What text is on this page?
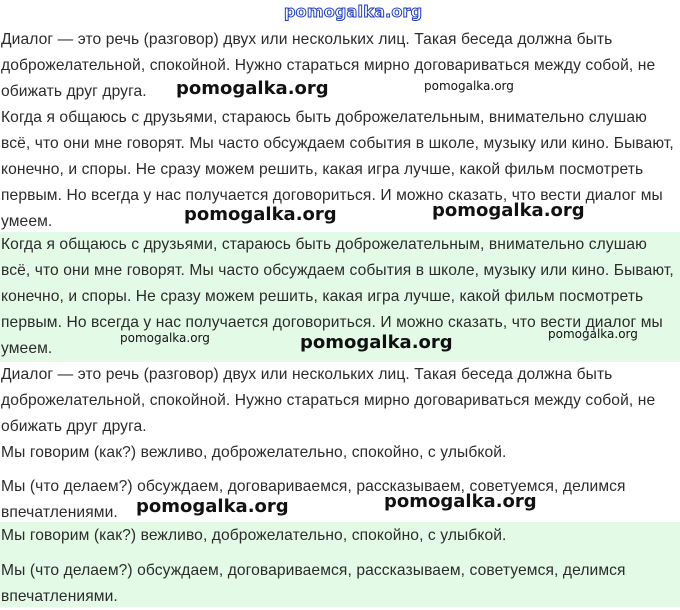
pomogalka.org

Диалог — это речь (разговор) двух или нескольких лиц. Такая беседа должна быть доброжелательной, спокойной. Нужно стараться мирно договариваться между собой, не обижать друг друга.

Когда я общаюсь с друзьями, стараюсь быть доброжелательным, внимательно слушаю всё, что они мне говорят. Мы часто обсуждаем события в школе, музыку или кино. Бывают, конечно, и споры. Не сразу можем решить, какая игра лучше, какой фильм посмотреть первым. Но всегда у нас получается договориться. И можно сказать, что вести диалог мы умеем.

Когда я общаюсь с друзьями, стараюсь быть доброжелательным, внимательно слушаю всё, что они мне говорят. Мы часто обсуждаем события в школе, музыку или кино. Бывают, конечно, и споры. Не сразу можем решить, какая игра лучше, какой фильм посмотреть первым. Но всегда у нас получается договориться. И можно сказать, что вести диалог мы умеем.

Диалог — это речь (разговор) двух или нескольких лиц. Такая беседа должна быть доброжелательной, спокойной. Нужно стараться мирно договариваться между собой, не обижать друг друга.

Мы говорим (как?) вежливо, доброжелательно, спокойно, с улыбкой.

Мы (что делаем?) обсуждаем, договариваемся, рассказываем, советуемся, делимся впечатлениями.

Мы говорим (как?) вежливо, доброжелательно, спокойно, с улыбкой.

Мы (что делаем?) обсуждаем, договариваемся, рассказываем, советуемся, делимся впечатлениями.

pomogalka.org	pomogalka.org
pomogalka.org	pomogalka.org
pomogalka.org	pomogalka.org	pomogalka.org
pomogalka.org	pomogalka.org
